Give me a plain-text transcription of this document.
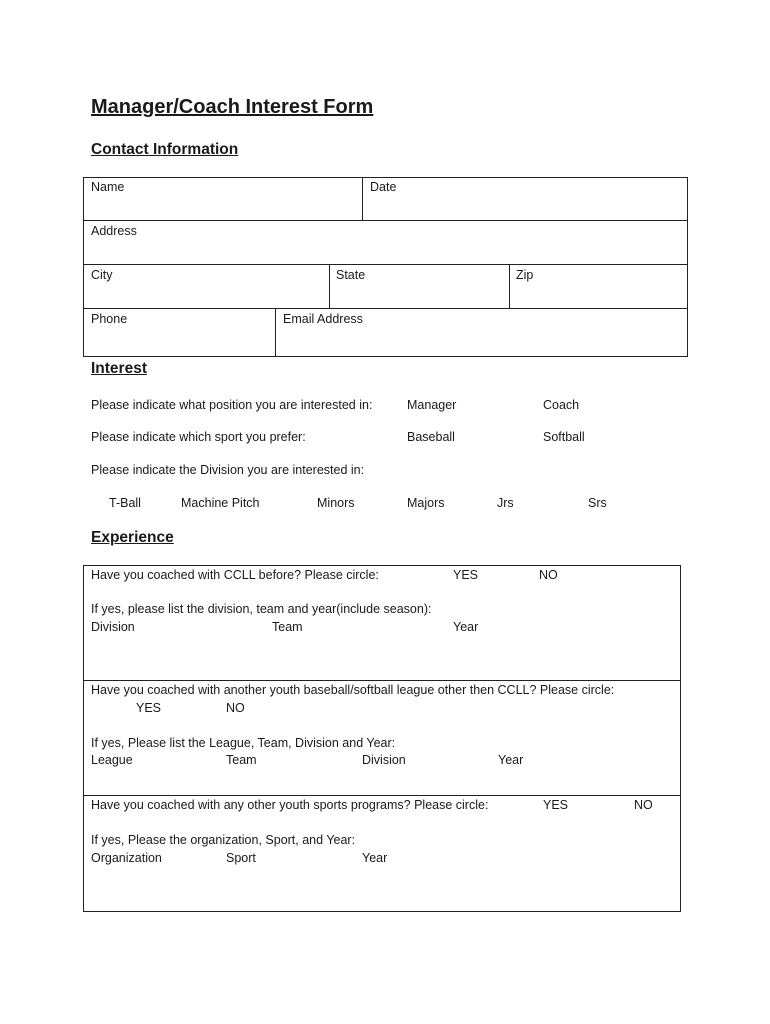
Manager/Coach Interest Form
Contact Information
Name	Date
Address
City	State	Zip
Phone	Email Address
Interest
Please indicate what position you are interested in:	Manager	Coach
Please indicate which sport you prefer:	Baseball	Softball
Please indicate the Division you are interested in:
T-Ball	Machine Pitch	Minors	Majors	Jrs	Srs
Experience
Have you coached with CCLL before? Please circle:	YES	NO
If yes, please list the division, team and year(include season):
Division	Team	Year
Have you coached with another youth baseball/softball league other then CCLL? Please circle:
YES	NO
If yes, Please list the League, Team, Division and Year:
League	Team	Division	Year
Have you coached with any other youth sports programs? Please circle:	YES	NO
If yes, Please the organization, Sport, and Year:
Organization	Sport	Year
